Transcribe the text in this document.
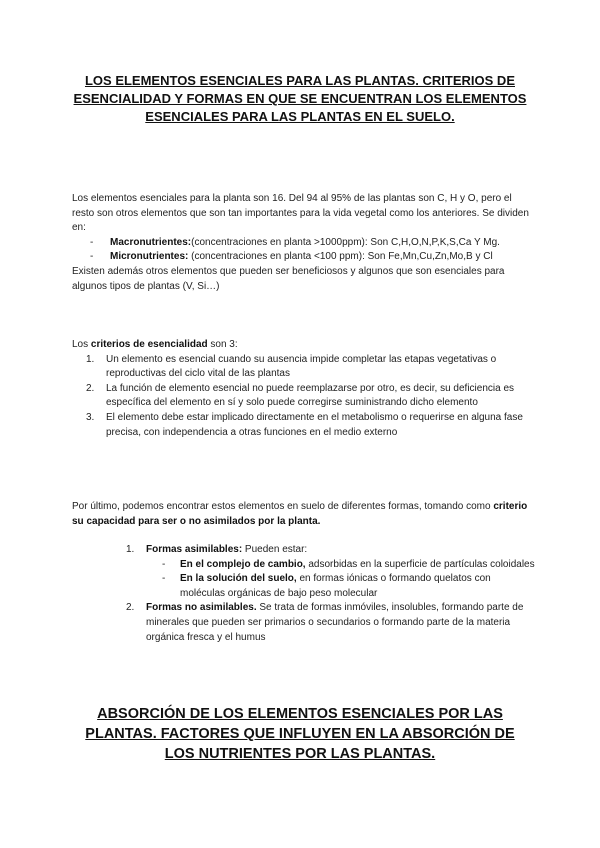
LOS ELEMENTOS ESENCIALES PARA LAS PLANTAS. CRITERIOS DE ESENCIALIDAD Y FORMAS EN QUE SE ENCUENTRAN LOS ELEMENTOS ESENCIALES PARA LAS PLANTAS EN EL SUELO.

Los elementos esenciales para la planta son 16. Del 94 al 95% de las plantas son C, H y O, pero el resto son otros elementos que son tan importantes para la vida vegetal como los anteriores. Se dividen en:

- Macronutrientes:(concentraciones en planta >1000ppm): Son C,H,O,N,P,K,S,Ca Y Mg.
- Micronutrientes: (concentraciones en planta <100 ppm): Son Fe,Mn,Cu,Zn,Mo,B y Cl

Existen además otros elementos que pueden ser beneficiosos y algunos que son esenciales para algunos tipos de plantas (V, Si…)

Los criterios de esencialidad son 3:

1. Un elemento es esencial cuando su ausencia impide completar las etapas vegetativas o reproductivas del ciclo vital de las plantas
2. La función de elemento esencial no puede reemplazarse por otro, es decir, su deficiencia es específica del elemento en sí y solo puede corregirse suministrando dicho elemento
3. El elemento debe estar implicado directamente en el metabolismo o requerirse en alguna fase precisa, con independencia a otras funciones en el medio externo

Por último, podemos encontrar estos elementos en suelo de diferentes formas, tomando como criterio su capacidad para ser o no asimilados por la planta.

1. Formas asimilables: Pueden estar:
- En el complejo de cambio, adsorbidas en la superficie de partículas coloidales
- En la solución del suelo, en formas iónicas o formando quelatos con moléculas orgánicas de bajo peso molecular
2. Formas no asimilables. Se trata de formas inmóviles, insolubles, formando parte de minerales que pueden ser primarios o secundarios o formando parte de la materia orgánica fresca y el humus
ABSORCIÓN DE LOS ELEMENTOS ESENCIALES POR LAS PLANTAS. FACTORES QUE INFLUYEN EN LA ABSORCIÓN DE LOS NUTRIENTES POR LAS PLANTAS.
